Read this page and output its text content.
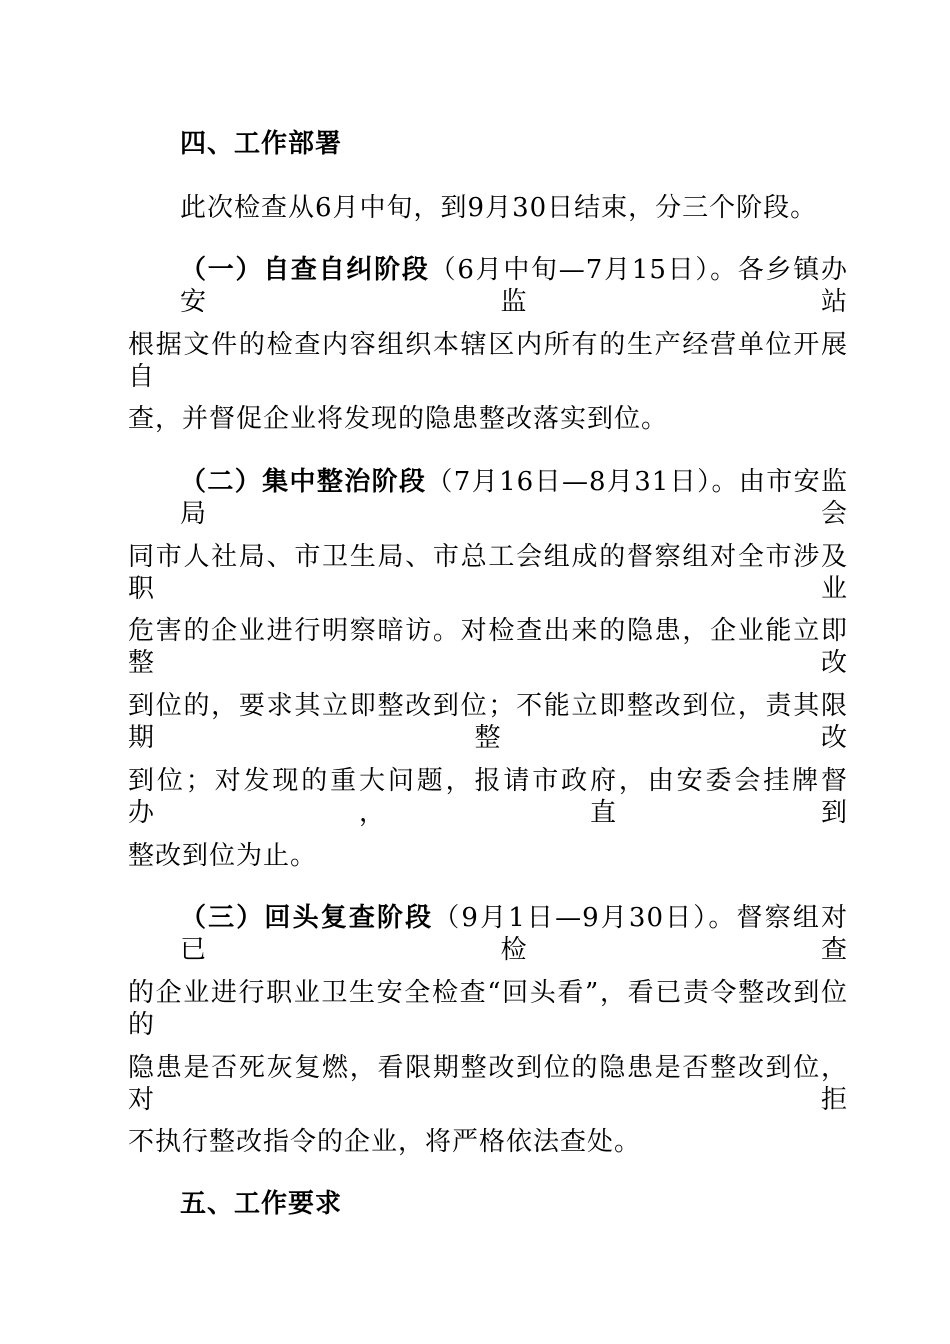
四、工作部署
此次检查从6月中旬，到9月30日结束，分三个阶段。
（一）自查自纠阶段（6月中旬—7月15日）。各乡镇办安监站
根据文件的检查内容组织本辖区内所有的生产经营单位开展自
查，并督促企业将发现的隐患整改落实到位。
（二）集中整治阶段（7月16日—8月31日）。由市安监局会
同市人社局、市卫生局、市总工会组成的督察组对全市涉及职业
危害的企业进行明察暗访。对检查出来的隐患，企业能立即整改
到位的，要求其立即整改到位；不能立即整改到位，责其限期整改
到位；对发现的重大问题，报请市政府，由安委会挂牌督办，直到
整改到位为止。
（三）回头复查阶段（9月1日—9月30日）。督察组对已检查
的企业进行职业卫生安全检查“回头看”，看已责令整改到位的
隐患是否死灰复燃，看限期整改到位的隐患是否整改到位，对拒
不执行整改指令的企业，将严格依法查处。
五、工作要求
